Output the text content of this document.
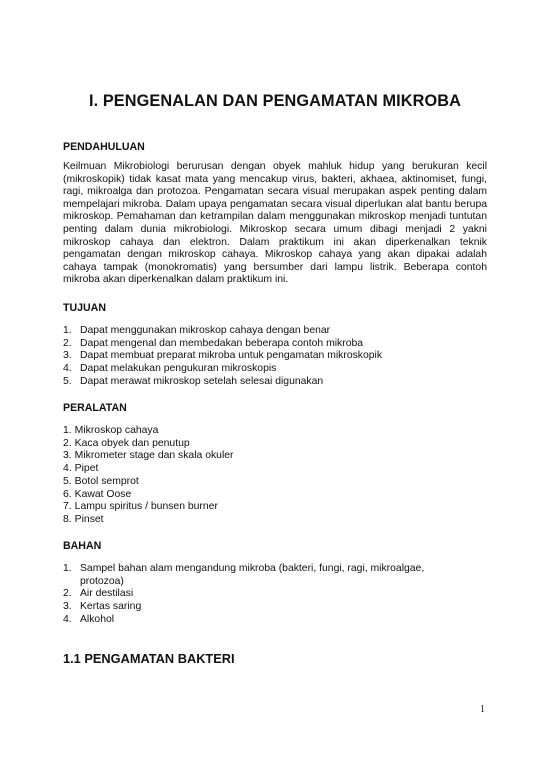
I. PENGENALAN DAN PENGAMATAN MIKROBA
PENDAHULUAN

Keilmuan Mikrobiologi berurusan dengan obyek mahluk hidup yang berukuran kecil (mikroskopik) tidak kasat mata yang mencakup virus, bakteri, akhaea, aktinomiset, fungi, ragi, mikroalga dan protozoa. Pengamatan secara visual merupakan aspek penting dalam mempelajari mikroba. Dalam upaya pengamatan secara visual diperlukan alat bantu berupa mikroskop. Pemahaman dan ketrampilan dalam menggunakan mikroskop menjadi tuntutan penting dalam dunia mikrobiologi. Mikroskop secara umum dibagi menjadi 2 yakni mikroskop cahaya dan elektron. Dalam praktikum ini akan diperkenalkan teknik pengamatan dengan mikroskop cahaya. Mikroskop cahaya yang akan dipakai adalah cahaya tampak (monokromatis) yang bersumber dari lampu listrik. Beberapa contoh mikroba akan diperkenalkan dalam praktikum ini.

TUJUAN
1. Dapat menggunakan mikroskop cahaya dengan benar
2. Dapat mengenal dan membedakan beberapa contoh mikroba
3. Dapat membuat preparat mikroba untuk pengamatan mikroskopik
4. Dapat melakukan pengukuran mikroskopis
5. Dapat merawat mikroskop setelah selesai digunakan
PERALATAN
1. Mikroskop cahaya
2. Kaca obyek dan penutup
3. Mikrometer stage dan skala okuler
4. Pipet
5. Botol semprot
6. Kawat Oose
7. Lampu spiritus / bunsen burner
8. Pinset
BAHAN
1. Sampel bahan alam mengandung mikroba (bakteri, fungi, ragi, mikroalgae, protozoa)
2. Air destilasi
3. Kertas saring
4. Alkohol
1.1 PENGAMATAN BAKTERI
1
